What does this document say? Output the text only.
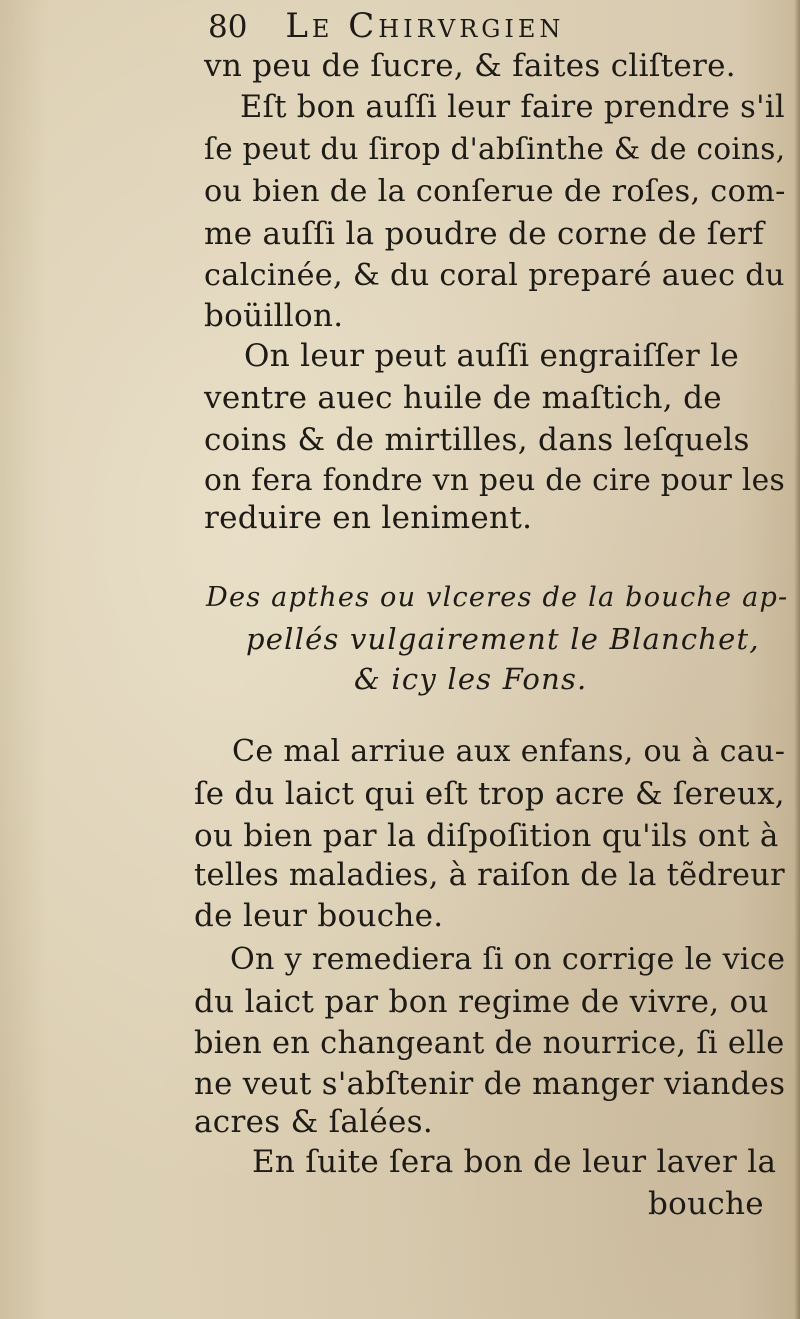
80 Le Chirvrgien
vn peu de ſucre, & faites cliſtere.
Eſt bon auſſi leur faire prendre s'il
ſe peut du ſirop d'abſinthe & de coins,
ou bien de la conſerue de roſes, com-
me auſſi la poudre de corne de ſerf
calcinée, & du coral preparé auec du
boüillon.
On leur peut auſſi engraiſſer le
ventre auec huile de maſtich, de
coins & de mirtilles, dans leſquels
on fera fondre vn peu de cire pour les
reduire en leniment.
Des apthes ou vlceres de la bouche ap-
pellés vulgairement le Blanchet,
& icy les Fons.
Ce mal arriue aux enfans, ou à cau-
ſe du laict qui eſt trop acre & ſereux,
ou bien par la diſpoſition qu'ils ont à
telles maladies, à raiſon de la tẽdreur
de leur bouche.
On y remediera ſi on corrige le vice
du laict par bon regime de vivre, ou
bien en changeant de nourrice, ſi elle
ne veut s'abſtenir de manger viandes
acres & ſalées.
En ſuite ſera bon de leur laver la
bouche
